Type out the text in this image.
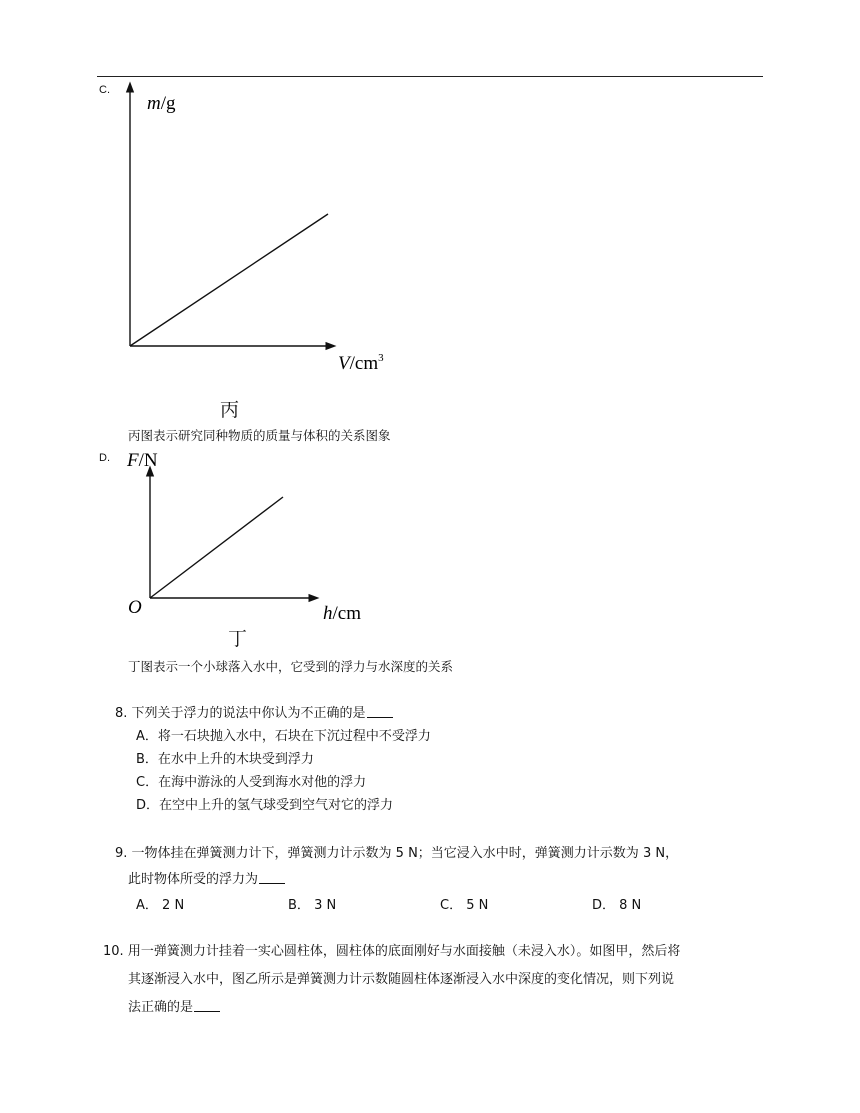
C.
m/g
$V/cm^3$
丙
丙图表示研究同种物质的质量与体积的关系图象
D. F/N
O	h/cm
丁
丁图表示一个小球落入水中，它受到的浮力与水深度的关系
8. 下列关于浮力的说法中你认为不正确的是
A．将一石块抛入水中，石块在下沉过程中不受浮力
B．在水中上升的木块受到浮力
C．在海中游泳的人受到海水对他的浮力
D．在空中上升的氢气球受到空气对它的浮力
9. 一物体挂在弹簧测力计下，弹簧测力计示数为 5 N；当它浸入水中时，弹簧测力计示数为 3 N，
此时物体所受的浮力为
A． 2 N	B． 3 N	C． 5 N	D． 8 N
10. 用一弹簧测力计挂着一实心圆柱体，圆柱体的底面刚好与水面接触（未浸入水）。如图甲，然后将
其逐渐浸入水中，图乙所示是弹簧测力计示数随圆柱体逐渐浸入水中深度的变化情况，则下列说
法正确的是
